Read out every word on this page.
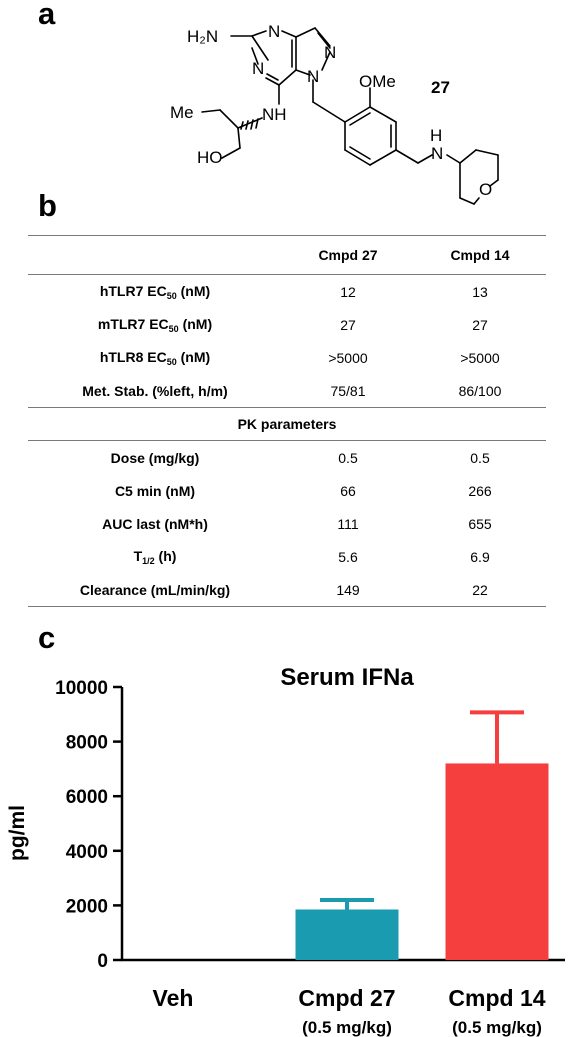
a
b
c
H₂N	N
N
N
N
NH
OMe
Me
HO
H
N
O
27
	Cmpd 27	Cmpd 14
hTLR7 $EC_{50}$ (nM)	12	13
mTLR7 $EC_{50}$ (nM)	27	27
hTLR8 $EC_{50}$ (nM)	>5000	>5000
Met. Stab. (%left, h/m)	75/81	86/100
PK parameters		
Dose (mg/kg)	0.5	0.5
C5 min (nM)	66	266
AUC last (nM*h)	111	655
$T_{1/2}$ (h)	5.6	6.9
Clearance (mL/min/kg)	149	22
Serum IFNa
pg/ml
0
2000
4000
6000
8000
10000
Veh	Cmpd 27
(0.5 mg/kg)
Cmpd 14
(0.5 mg/kg)
